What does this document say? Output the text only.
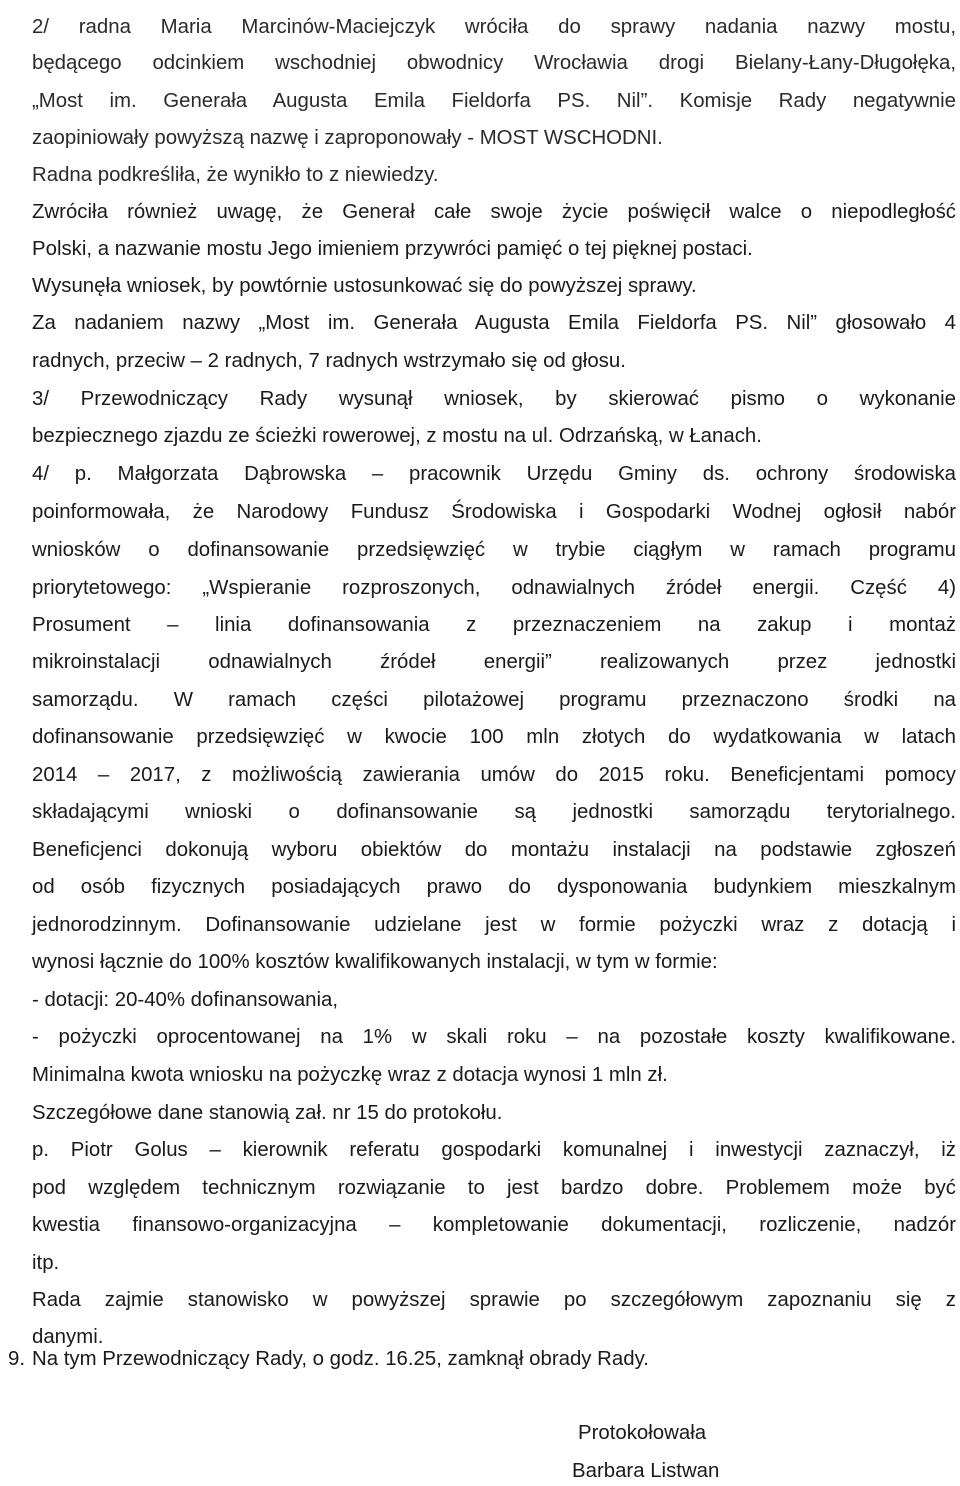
2/ radna Maria Marcinów-Maciejczyk wróciła do sprawy nadania nazwy mostu,
będącego odcinkiem wschodniej obwodnicy Wrocławia drogi Bielany-Łany-Długołęka,
„Most im. Generała Augusta Emila Fieldorfa PS. Nil”. Komisje Rady negatywnie
zaopiniowały powyższą nazwę i zaproponowały - MOST WSCHODNI.
Radna podkreśliła, że wynikło to z niewiedzy.
Zwróciła również uwagę, że Generał całe swoje życie poświęcił walce o niepodległość
Polski, a nazwanie mostu Jego imieniem przywróci pamięć o tej pięknej postaci.
Wysunęła wniosek, by powtórnie ustosunkować się do powyższej sprawy.
Za nadaniem nazwy „Most im. Generała Augusta Emila Fieldorfa PS. Nil” głosowało 4
radnych, przeciw – 2 radnych, 7 radnych wstrzymało się od głosu.
3/ Przewodniczący Rady wysunął wniosek, by skierować pismo o wykonanie
bezpiecznego zjazdu ze ścieżki rowerowej, z mostu na ul. Odrzańską, w Łanach.
4/ p. Małgorzata Dąbrowska – pracownik Urzędu Gminy ds. ochrony środowiska
poinformowała, że Narodowy Fundusz Środowiska i Gospodarki Wodnej ogłosił nabór
wniosków o dofinansowanie przedsięwzięć w trybie ciągłym w ramach programu
priorytetowego: „Wspieranie rozproszonych, odnawialnych źródeł energii. Część 4)
Prosument – linia dofinansowania z przeznaczeniem na zakup i montaż
mikroinstalacji odnawialnych źródeł energii” realizowanych przez jednostki
samorządu. W ramach części pilotażowej programu przeznaczono środki na
dofinansowanie przedsięwzięć w kwocie 100 mln złotych do wydatkowania w latach
2014 – 2017, z możliwością zawierania umów do 2015 roku. Beneficjentami pomocy
składającymi wnioski o dofinansowanie są jednostki samorządu terytorialnego.
Beneficjenci dokonują wyboru obiektów do montażu instalacji na podstawie zgłoszeń
od osób fizycznych posiadających prawo do dysponowania budynkiem mieszkalnym
jednorodzinnym. Dofinansowanie udzielane jest w formie pożyczki wraz z dotacją i
wynosi łącznie do 100% kosztów kwalifikowanych instalacji, w tym w formie:
- dotacji: 20-40% dofinansowania,
- pożyczki oprocentowanej na 1% w skali roku – na pozostałe koszty kwalifikowane.
Minimalna kwota wniosku na pożyczkę wraz z dotacja wynosi 1 mln zł.
Szczegółowe dane stanowią zał. nr 15 do protokołu.
p. Piotr Golus – kierownik referatu gospodarki komunalnej i inwestycji zaznaczył, iż
pod względem technicznym rozwiązanie to jest bardzo dobre. Problemem może być
kwestia finansowo-organizacyjna – kompletowanie dokumentacji, rozliczenie, nadzór
itp.
Rada zajmie stanowisko w powyższej sprawie po szczegółowym zapoznaniu się z
danymi.
9. Na tym Przewodniczący Rady, o godz. 16.25, zamknął obrady Rady.
Protokołowała
Barbara Listwan
